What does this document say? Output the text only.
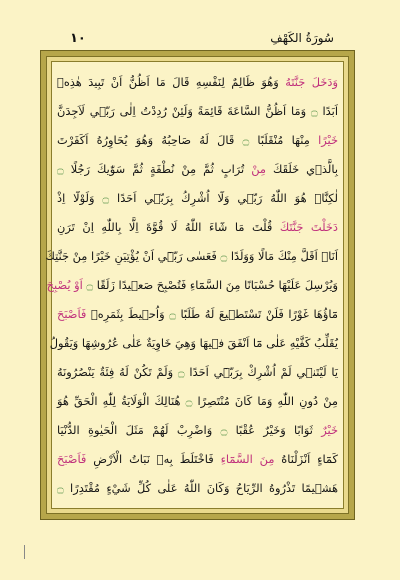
١٠	سُورَةُ الكَهْفِ
وَدَخَلَ جَنَّتَهُ وَهُوَ ظَالِمٌ لِنَفْسِهِ قَالَ مَا اَظُنُّ اَنْ تَبِيدَ هٰذِهٖ
اَبَدًا ۝ وَمَا اَظُنُّ السَّاعَةَ قَائِمَةً وَلَئِنْ رُدِدْتُ اِلٰى رَبّ۪ي لَاَجِدَنَّ
خَيْرًا مِنْهَا مُنْقَلَبًا ۝ قَالَ لَهُ صَاحِبُهُ وَهُوَ يُحَاوِرُهُ اَكَفَرْتَ
بِالَّذ۪ي خَلَقَكَ مِنْ تُرَابٍ ثُمَّ مِنْ نُطْفَةٍ ثُمَّ سَوّٰيكَ رَجُلًا ۝
لٰكِنَّا۬ هُوَ اللّٰهُ رَبّ۪ي وَلَٓا اُشْرِكُ بِرَبّ۪ي اَحَدًا ۝ وَلَوْلَٓا اِذْ
دَخَلْتَ جَنَّتَكَ قُلْتَ مَا شَٓاءَ اللّٰهُ لَا قُوَّةَ اِلَّا بِاللّٰهِ اِنْ تَرَنِ
اَنَا۬ اَقَلَّ مِنْكَ مَالًا وَوَلَدًا ۝ فَعَسٰى رَبّ۪ٓي اَنْ يُؤْتِيَنِ خَيْرًا مِنْ جَنَّتِكَ
وَيُرْسِلَ عَلَيْهَا حُسْبَانًا مِنَ السَّمَٓاءِ فَتُصْبِحَ صَع۪يدًا زَلَقًا ۝ اَوْ يُصْبِحَ
مَٓاؤُهَا غَوْرًا فَلَنْ تَسْتَط۪يعَ لَهُ طَلَبًا ۝ وَاُح۪يطَ بِثَمَرِه۪ فَاَصْبَحَ
يُقَلِّبُ كَفَّيْهِ عَلٰى مَٓا اَنْفَقَ ف۪يهَا وَهِيَ خَاوِيَةٌ عَلٰى عُرُوشِهَا وَيَقُولُ
يَا لَيْتَن۪ي لَمْ اُشْرِكْ بِرَبّ۪ٓي اَحَدًا ۝ وَلَمْ تَكُنْ لَهُ فِئَةٌ يَنْصُرُونَهُ
مِنْ دُونِ اللّٰهِ وَمَا كَانَ مُنْتَصِرًا ۝ هُنَالِكَ الْوَلَايَةُ لِلّٰهِ الْحَقِّ هُوَ
خَيْرٌ ثَوَابًا وَخَيْرٌ عُقْبًا ۝ وَاضْرِبْ لَهُمْ مَثَلَ الْحَيٰوةِ الدُّنْيَا
كَمَٓاءٍ اَنْزَلْنَاهُ مِنَ السَّمَٓاءِ فَاخْتَلَطَ بِه۪ نَبَاتُ الْاَرْضِ فَاَصْبَحَ
هَش۪يمًا تَذْرُوهُ الرِّيَاحُ وَكَانَ اللّٰهُ عَلٰى كُلِّ شَيْءٍ مُقْتَدِرًا ۝
